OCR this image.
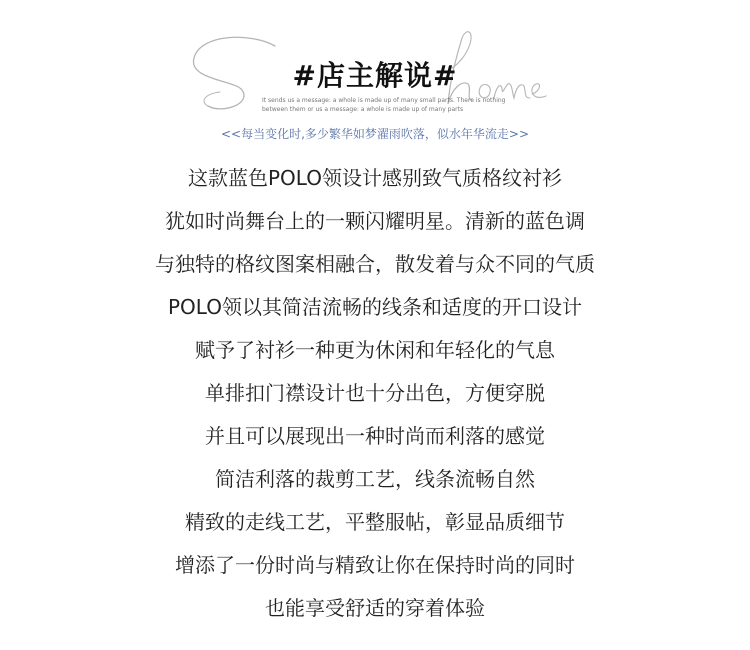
#店主解说#
It sends us a message: a whole is made up of many small parts. There is nothing
between them or us a message: a whole is made up of many parts
<<每当变化时,多少繁华如梦濯雨吹落，似水年华流走>>
这款蓝色POLO领设计感别致气质格纹衬衫
犹如时尚舞台上的一颗闪耀明星。清新的蓝色调
与独特的格纹图案相融合，散发着与众不同的气质
POLO领以其简洁流畅的线条和适度的开口设计
赋予了衬衫一种更为休闲和年轻化的气息
单排扣门襟设计也十分出色，方便穿脱
并且可以展现出一种时尚而利落的感觉
简洁利落的裁剪工艺，线条流畅自然
精致的走线工艺，平整服帖，彰显品质细节
增添了一份时尚与精致让你在保持时尚的同时
也能享受舒适的穿着体验
